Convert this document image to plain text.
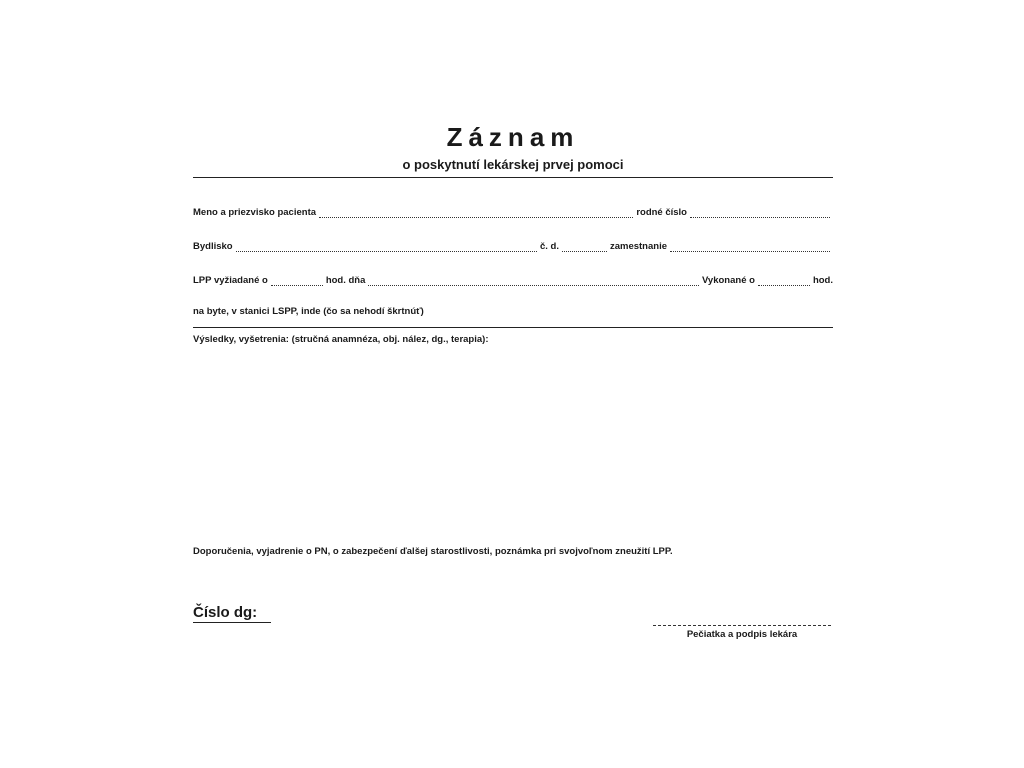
Záznam
o poskytnutí lekárskej prvej pomoci
Meno a priezvisko pacienta	rodné číslo
Bydlisko	č. d.	zamestnanie
LPP vyžiadané o	hod. dňa	Vykonané o	hod.
na byte, v stanici LSPP, inde (čo sa nehodí škrtnúť)
Výsledky, vyšetrenia: (stručná anamnéza, obj. nález, dg., terapia):
Doporučenia, vyjadrenie o PN, o zabezpečení ďalšej starostlivosti, poznámka pri svojvoľnom zneužití LPP.
Číslo dg:
Pečiatka a podpis lekára
